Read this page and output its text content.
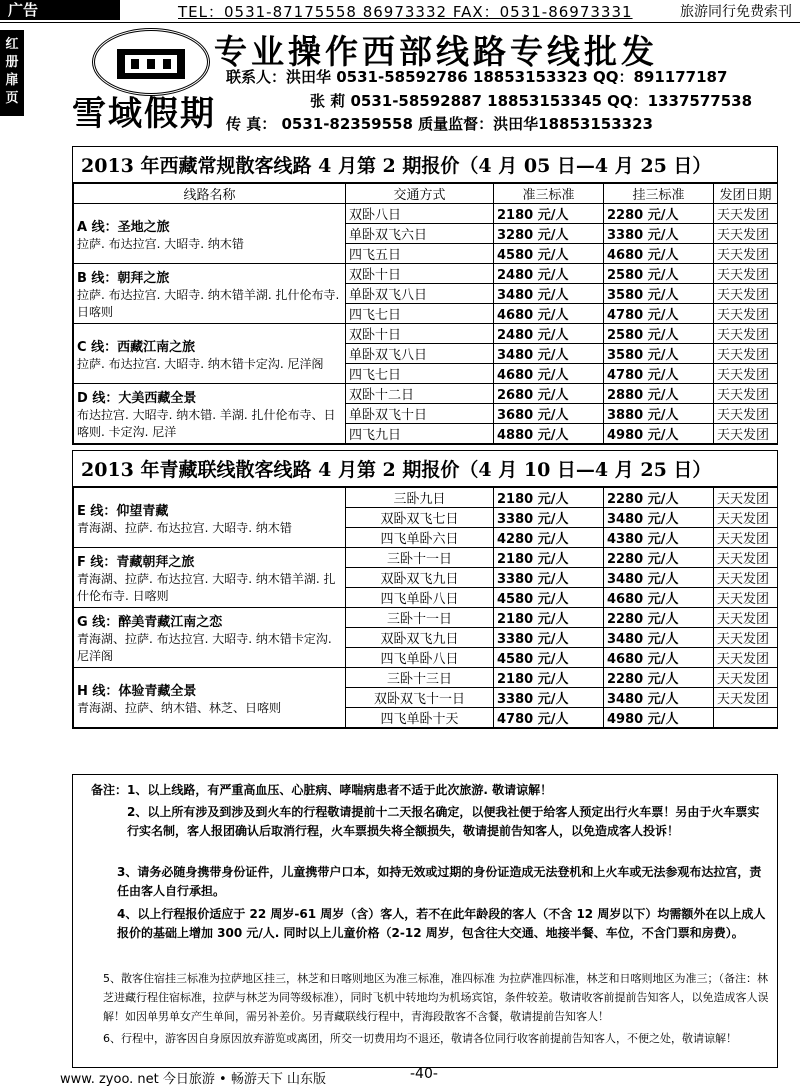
广告	TEL：0531-87175558 86973332 FAX：0531-86973331	旅游同行免费索刊
红
册
扉
页 雪域假期
专业操作西部线路专线批发
联系人：洪田华 0531-58592786 18853153323 QQ：891177187
张 莉 0531-58592887 18853153345 QQ：1337577538
传 真： 0531-82359558 质量监督：洪田华18853153323
2013 年西藏常规散客线路 4 月第 2 期报价（4 月 05 日—4 月 25 日）
线路名称	交通方式	准三标准	挂三标准	发团日期

A 线：圣地之旅
拉萨. 布达拉宫. 大昭寺. 纳木错	双卧八日	2180 元/人	2280 元/人	天天发团
	单卧双飞六日	3280 元/人	3380 元/人	天天发团
	四飞五日	4580 元/人	4680 元/人	天天发团

B 线：朝拜之旅
拉萨. 布达拉宫. 大昭寺. 纳木错羊湖. 扎什伦布寺. 日喀则	双卧十日	2480 元/人	2580 元/人	天天发团
	单卧双飞八日	3480 元/人	3580 元/人	天天发团
	四飞七日	4680 元/人	4780 元/人	天天发团

C 线：西藏江南之旅
拉萨. 布达拉宫. 大昭寺. 纳木错卡定沟. 尼洋阁	双卧十日	2480 元/人	2580 元/人	天天发团
	单卧双飞八日	3480 元/人	3580 元/人	天天发团
	四飞七日	4680 元/人	4780 元/人	天天发团

D 线：大美西藏全景
布达拉宫. 大昭寺. 纳木错. 羊湖. 扎什伦布寺、日喀则. 卡定沟. 尼洋	双卧十二日	2680 元/人	2880 元/人	天天发团
	单卧双飞十日	3680 元/人	3880 元/人	天天发团
	四飞九日	4880 元/人	4980 元/人	天天发团
2013 年青藏联线散客线路 4 月第 2 期报价（4 月 10 日—4 月 25 日）
E 线：仰望青藏
青海湖、拉萨. 布达拉宫. 大昭寺. 纳木错	三卧九日	2180 元/人	2280 元/人	天天发团
	双卧双飞七日	3380 元/人	3480 元/人	天天发团
	四飞单卧六日	4280 元/人	4380 元/人	天天发团

F 线：青藏朝拜之旅
青海湖、拉萨. 布达拉宫. 大昭寺. 纳木错羊湖. 扎什伦布寺. 日喀则	三卧十一日	2180 元/人	2280 元/人	天天发团
	双卧双飞九日	3380 元/人	3480 元/人	天天发团
	四飞单卧八日	4580 元/人	4680 元/人	天天发团

G 线：醉美青藏江南之恋
青海湖、拉萨. 布达拉宫. 大昭寺. 纳木错卡定沟. 尼洋阁	三卧十一日	2180 元/人	2280 元/人	天天发团
	双卧双飞九日	3380 元/人	3480 元/人	天天发团
	四飞单卧八日	4580 元/人	4680 元/人	天天发团

H 线：体验青藏全景
青海湖、拉萨、纳木错、林芝、日喀则	三卧十三日	2180 元/人	2280 元/人	天天发团
	双卧双飞十一日	3380 元/人	3480 元/人	天天发团
	四飞单卧十天	4780 元/人	4980 元/人	
备注：1、以上线路，有严重高血压、心脏病、哮喘病患者不适于此次旅游. 敬请谅解！
2、以上所有涉及到涉及到火车的行程敬请提前十二天报名确定，以便我社便于给客人预定出行火车票！另由于火车票实行实名制，客人报团确认后取消行程，火车票损失将全额损失，敬请提前告知客人，以免造成客人投诉！
3、请务必随身携带身份证件，儿童携带户口本，如持无效或过期的身份证造成无法登机和上火车或无法参观布达拉宫，责任由客人自行承担。
4、以上行程报价适应于 22 周岁-61 周岁（含）客人，若不在此年龄段的客人（不含 12 周岁以下）均需额外在以上成人报价的基础上增加 300 元/人. 同时以上儿童价格（2-12 周岁，包含往大交通、地接半餐、车位，不含门票和房费）。
5、散客住宿挂三标准为拉萨地区挂三，林芝和日喀则地区为准三标准，准四标准 为拉萨准四标准，林芝和日喀则地区为准三；（备注：林芝进藏行程住宿标准，拉萨与林芝为同等级标准），同时飞机中转地均为机场宾馆，条件较差。敬请收客前提前告知客人，以免造成客人误解！如因单男单女产生单间，需另补差价。另青藏联线行程中，青海段散客不含餐，敬请提前告知客人！
6、行程中，游客因自身原因放弃游览或离团，所交一切费用均不退还，敬请各位同行收客前提前告知客人，不便之处，敬请谅解！
www. zyoo. net 今日旅游 • 畅游天下 山东版	-40-
